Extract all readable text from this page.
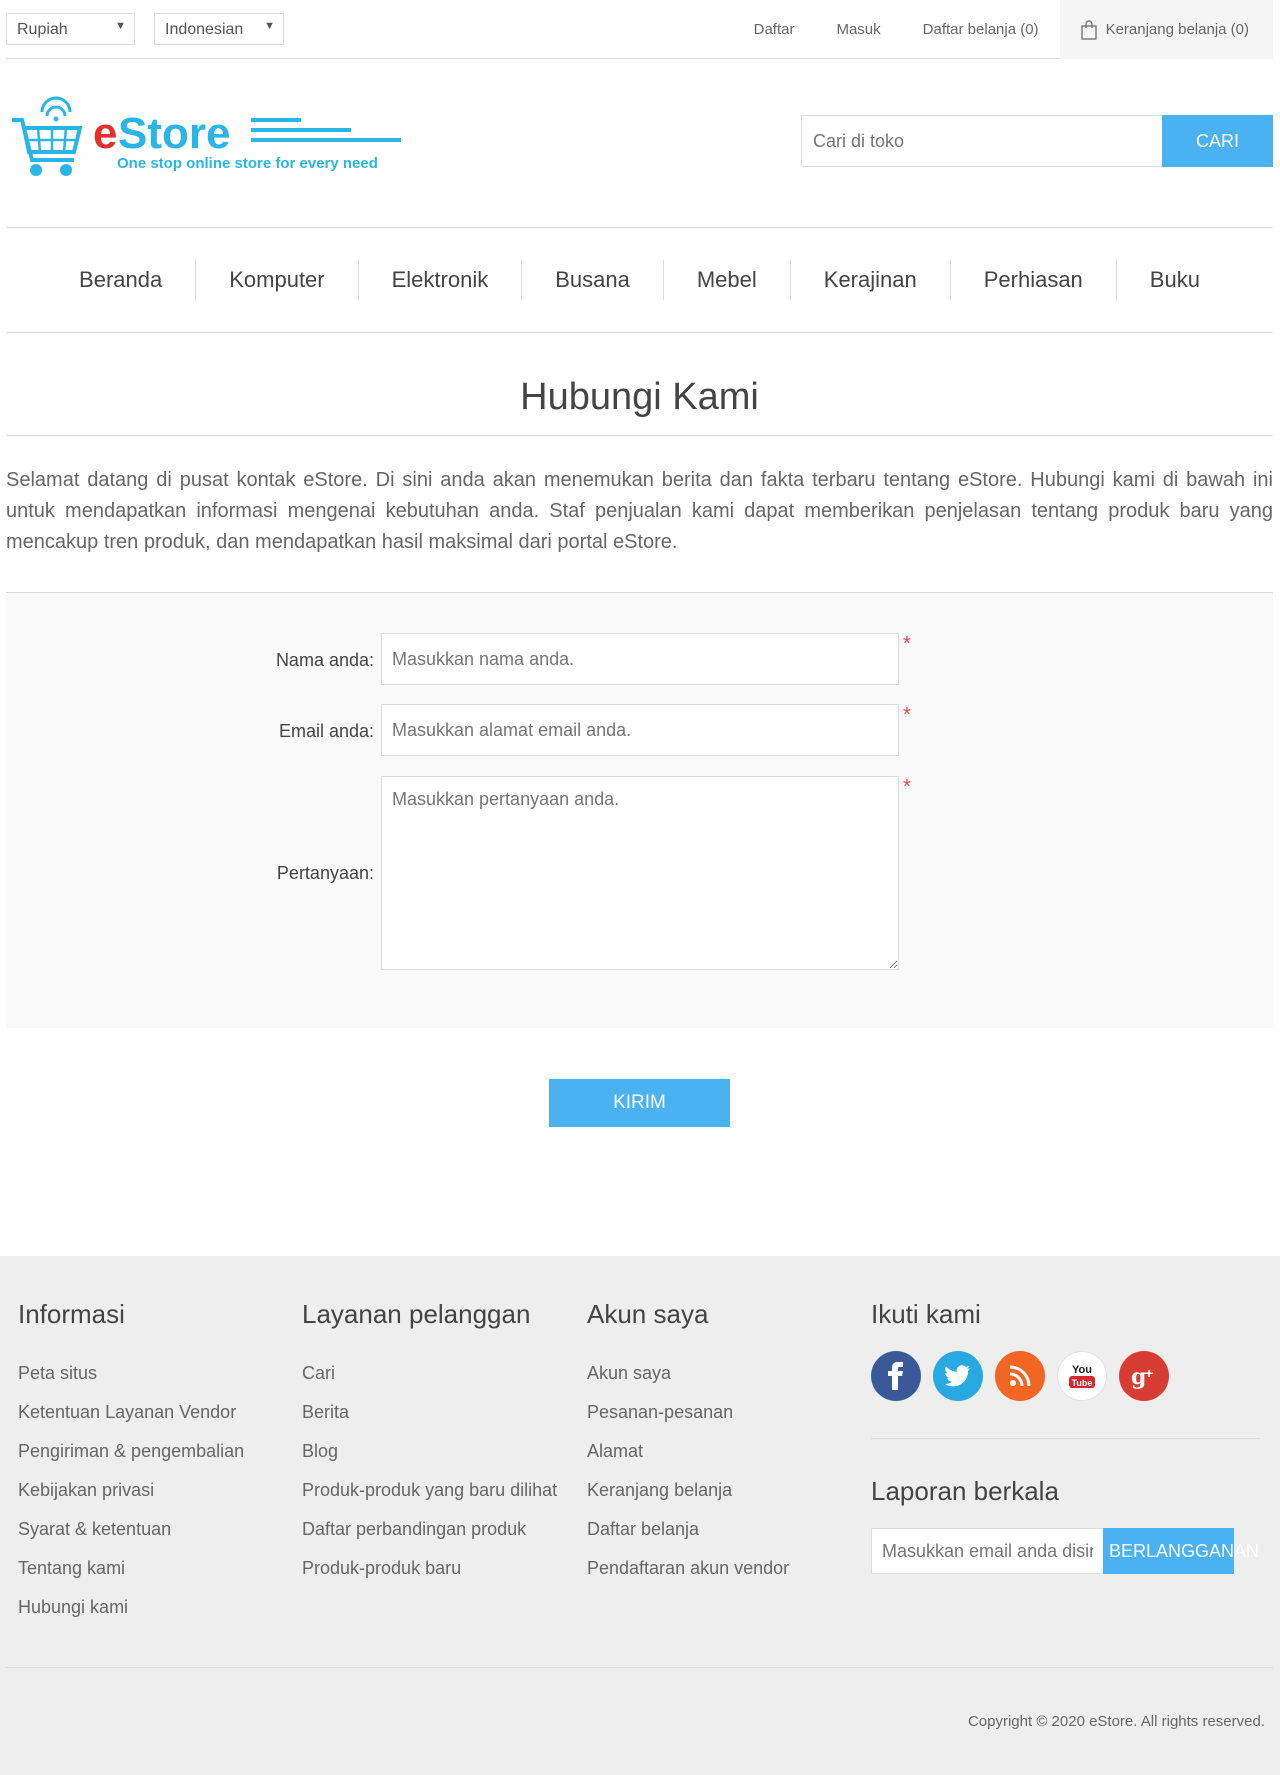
Rupiah	▼	Indonesian ▼	Daftar	Masuk	Daftar belanja (0)	Keranjang belanja (0)
e Store
One stop online store for every need
Cari di toko
CARI
Beranda	Komputer	Elektronik	Busana	Mebel	Kerajinan	Perhiasan	Buku
Hubungi Kami

Selamat datang di pusat kontak eStore. Di sini anda akan menemukan berita dan fakta terbaru tentang eStore. Hubungi kami di bawah ini untuk mendapatkan informasi mengenai kebutuhan anda. Staf penjualan kami dapat memberikan penjelasan tentang produk baru yang mencakup tren produk, dan mendapatkan hasil maksimal dari portal eStore.

Nama anda:
Masukkan nama anda.
*
Email anda:
Masukkan alamat email anda.
*
Pertanyaan:
Masukkan pertanyaan anda.
*
KIRIM
Informasi
Peta situs
Ketentuan Layanan Vendor
Pengiriman & pengembalian
Kebijakan privasi
Syarat & ketentuan
Tentang kami
Hubungi kami
Layanan pelanggan
Cari
Berita
Blog
Produk-produk yang baru dilihat
Daftar perbandingan produk
Produk-produk baru
Akun saya
Akun saya
Pesanan-pesanan
Alamat
Keranjang belanja
Daftar belanja
Pendaftaran akun vendor
Ikuti kami
You
Tube g
+
Laporan berkala
Masukkan email anda disini...
BERLANGGANAN
Copyright © 2020 eStore. All rights reserved.
